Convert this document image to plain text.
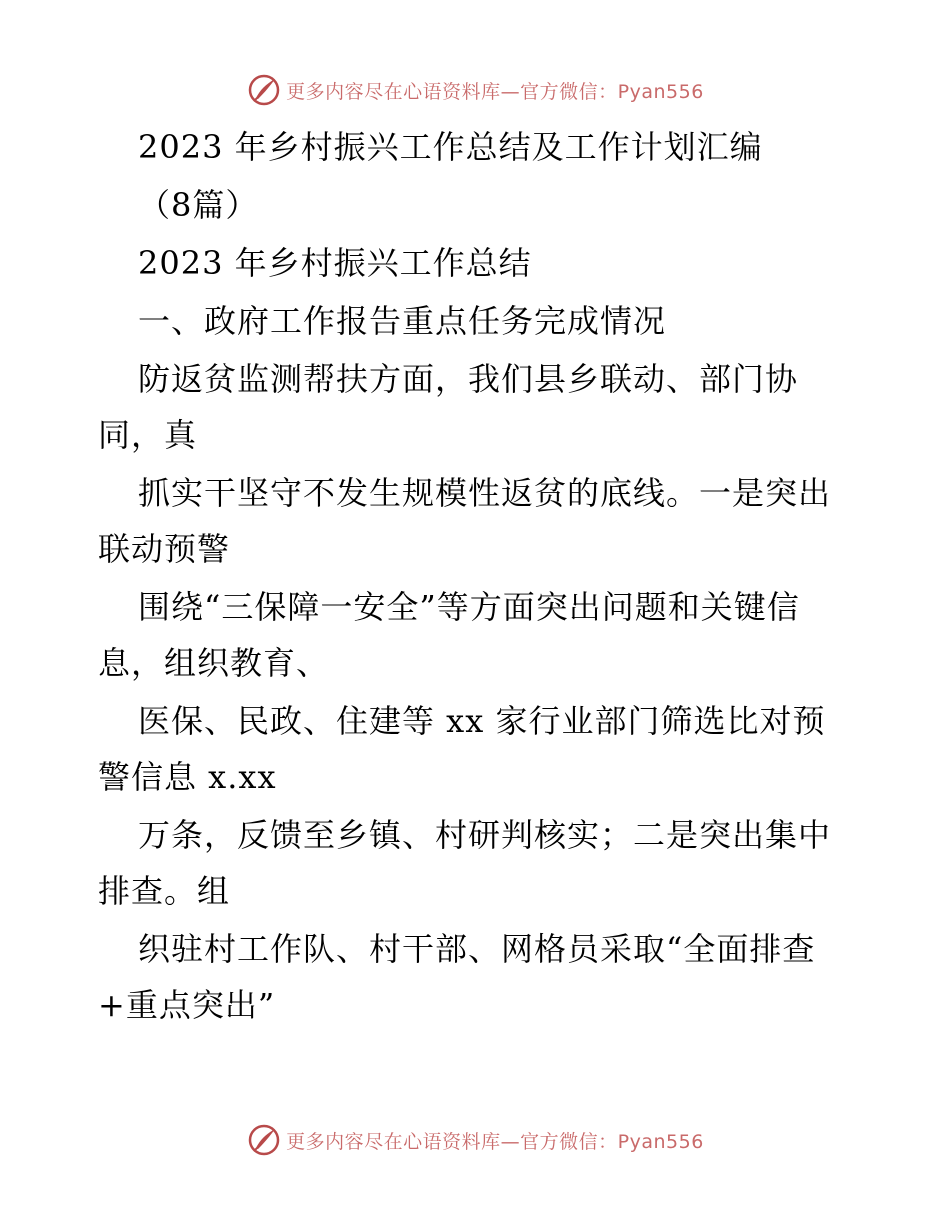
更多内容尽在心语资料库—官方微信：Pyan556
2023 年乡村振兴工作总结及工作计划汇编
（8篇）
2023 年乡村振兴工作总结
一、政府工作报告重点任务完成情况
防返贫监测帮扶方面，我们县乡联动、部门协
同，真
抓实干坚守不发生规模性返贫的底线。一是突出
联动预警
围绕“三保障一安全”等方面突出问题和关键信
息，组织教育、
医保、民政、住建等 xx 家行业部门筛选比对预
警信息 x.xx
万条，反馈至乡镇、村研判核实；二是突出集中
排查。组
织驻村工作队、村干部、网格员采取“全面排查
+重点突出”
更多内容尽在心语资料库—官方微信：Pyan556
